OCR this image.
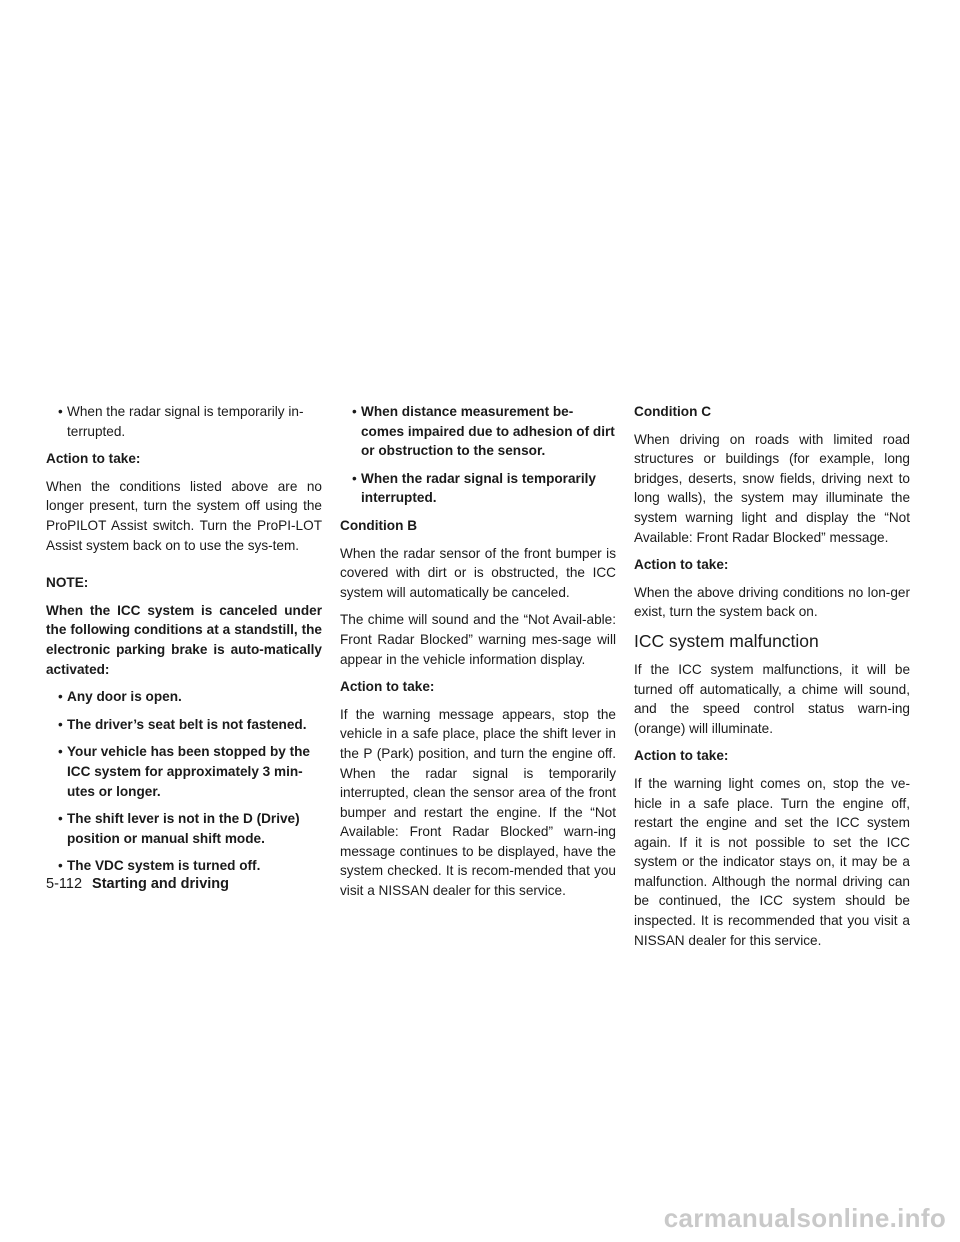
• When the radar signal is temporarily in-terrupted.
Action to take:

When the conditions listed above are no longer present, turn the system off using the ProPILOT Assist switch. Turn the ProPI-LOT Assist system back on to use the sys-tem.

NOTE:

When the ICC system is canceled under the following conditions at a standstill, the electronic parking brake is auto-matically activated:

• Any door is open.
• The driver’s seat belt is not fastened.
• Your vehicle has been stopped by the ICC system for approximately 3 min-utes or longer.
• The shift lever is not in the D (Drive) position or manual shift mode.
• The VDC system is turned off.
• When distance measurement be-comes impaired due to adhesion of dirt or obstruction to the sensor.
• When the radar signal is temporarily interrupted.
Condition B

When the radar sensor of the front bumper is covered with dirt or is obstructed, the ICC system will automatically be canceled.

The chime will sound and the “Not Avail-able: Front Radar Blocked” warning mes-sage will appear in the vehicle information display.

Action to take:

If the warning message appears, stop the vehicle in a safe place, place the shift lever in the P (Park) position, and turn the engine off. When the radar signal is temporarily interrupted, clean the sensor area of the front bumper and restart the engine. If the “Not Available: Front Radar Blocked” warn-ing message continues to be displayed, have the system checked. It is recom-mended that you visit a NISSAN dealer for this service.

Condition C

When driving on roads with limited road structures or buildings (for example, long bridges, deserts, snow fields, driving next to long walls), the system may illuminate the system warning light and display the “Not Available: Front Radar Blocked” message.

Action to take:

When the above driving conditions no lon-ger exist, turn the system back on.

ICC system malfunction

If the ICC system malfunctions, it will be turned off automatically, a chime will sound, and the speed control status warn-ing (orange) will illuminate.

Action to take:

If the warning light comes on, stop the ve-hicle in a safe place. Turn the engine off, restart the engine and set the ICC system again. If it is not possible to set the ICC system or the indicator stays on, it may be a malfunction. Although the normal driving can be continued, the ICC system should be inspected. It is recommended that you visit a NISSAN dealer for this service.

5-112 Starting and driving
carmanualsonline.info
